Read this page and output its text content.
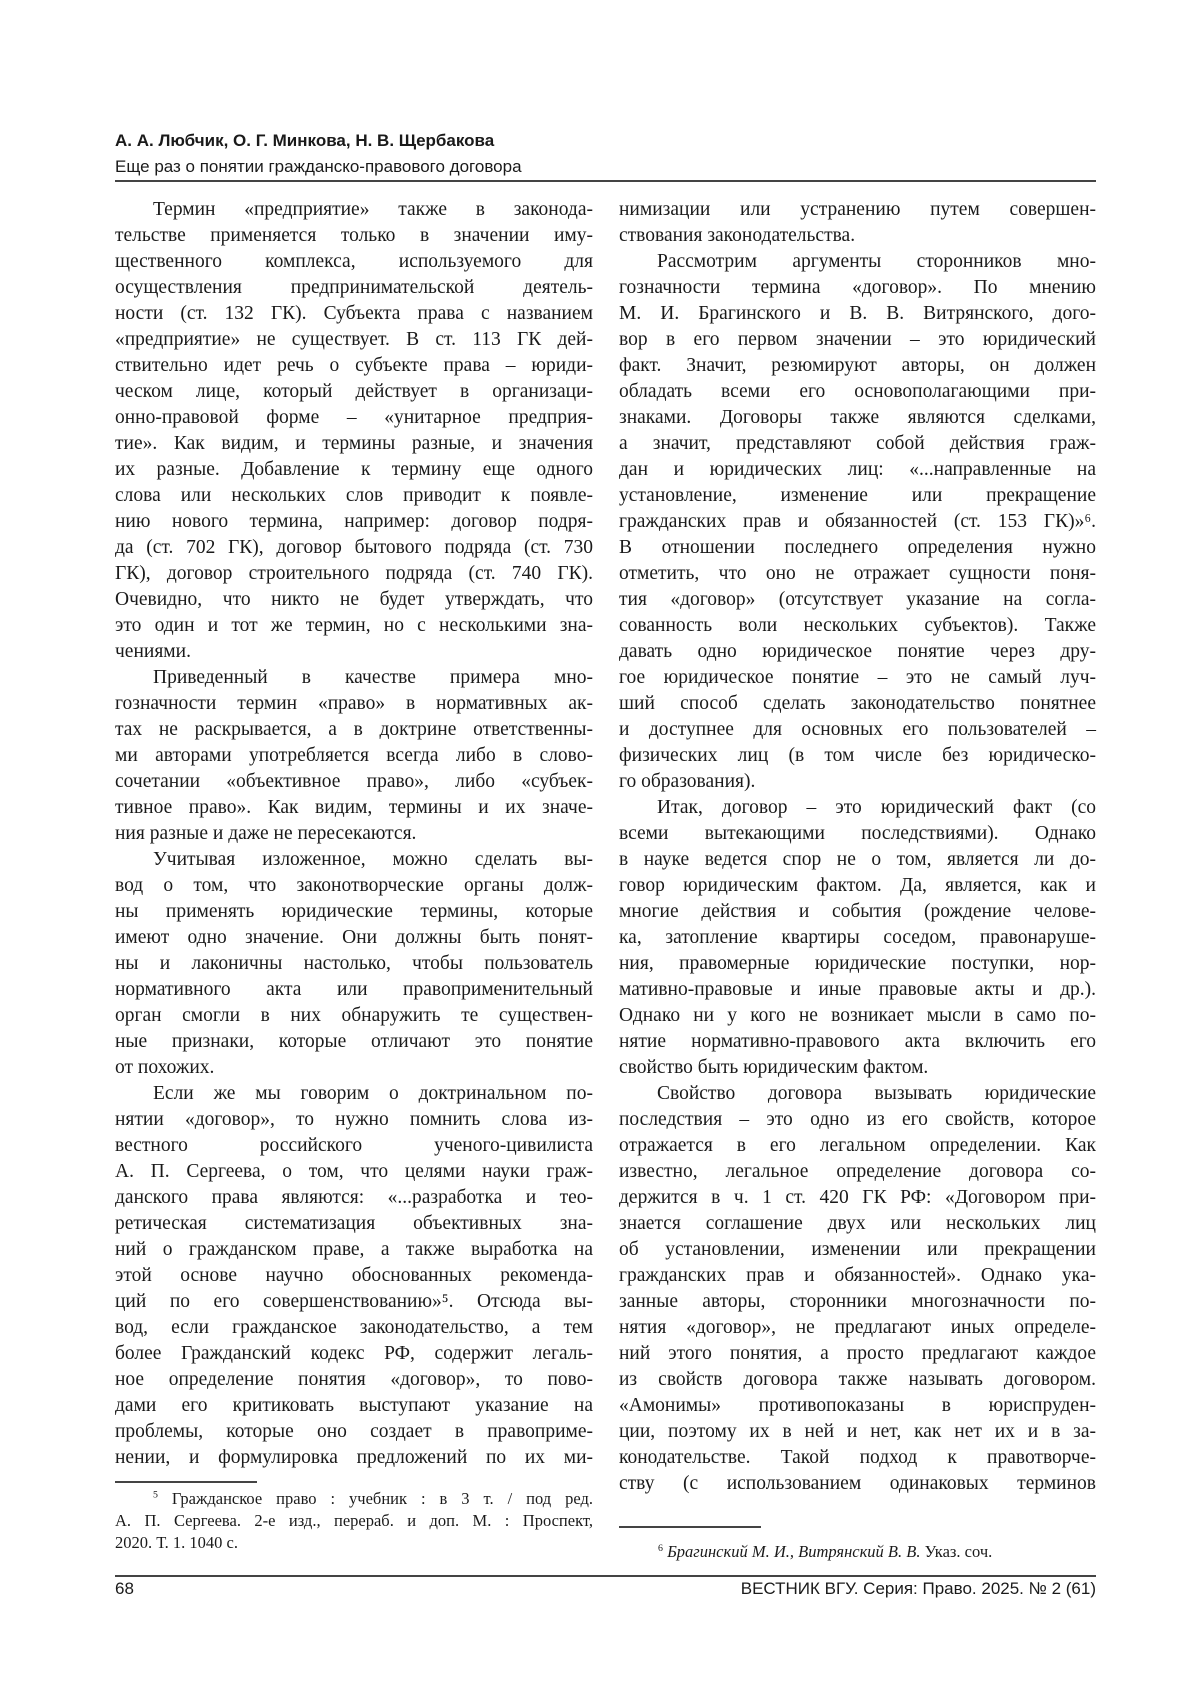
А. А. Любчик, О. Г. Минкова, Н. В. Щербакова
Еще раз о понятии гражданско-правового договора
Термин «предприятие» также в законода-
тельстве применяется только в значении иму-
щественного комплекса, используемого для
осуществления предпринимательской деятель-
ности (ст. 132 ГК). Субъекта права с названием
«предприятие» не существует. В ст. 113 ГК дей-
ствительно идет речь о субъекте права – юриди-
ческом лице, который действует в организаци-
онно-правовой форме – «унитарное предприя-
тие». Как видим, и термины разные, и значения
их разные. Добавление к термину еще одного
слова или нескольких слов приводит к появле-
нию нового термина, например: договор подря-
да (ст. 702 ГК), договор бытового подряда (ст. 730
ГК), договор строительного подряда (ст. 740 ГК).
Очевидно, что никто не будет утверждать, что
это один и тот же термин, но с несколькими зна-
чениями.
Приведенный в качестве примера мно-
гозначности термин «право» в нормативных ак-
тах не раскрывается, а в доктрине ответственны-
ми авторами употребляется всегда либо в слово-
сочетании «объективное право», либо «субъек-
тивное право». Как видим, термины и их значе-
ния разные и даже не пересекаются.
Учитывая изложенное, можно сделать вы-
вод о том, что законотворческие органы долж-
ны применять юридические термины, которые
имеют одно значение. Они должны быть понят-
ны и лаконичны настолько, чтобы пользователь
нормативного акта или правоприменительный
орган смогли в них обнаружить те существен-
ные признаки, которые отличают это понятие
от похожих.
Если же мы говорим о доктринальном по-
нятии «договор», то нужно помнить слова из-
вестного российского ученого-цивилиста
А. П. Сергеева, о том, что целями науки граж-
данского права являются: «...разработка и тео-
ретическая систематизация объективных зна-
ний о гражданском праве, а также выработка на
этой основе научно обоснованных рекоменда-
ций по его совершенствованию»⁵. Отсюда вы-
вод, если гражданское законодательство, а тем
более Гражданский кодекс РФ, содержит легаль-
ное определение понятия «договор», то пово-
дами его критиковать выступают указание на
проблемы, которые оно создает в правоприме-
нении, и формулировка предложений по их ми-
нимизации или устранению путем совершен-
ствования законодательства.
Рассмотрим аргументы сторонников мно-
гозначности термина «договор». По мнению
М. И. Брагинского и В. В. Витрянского, дого-
вор в его первом значении – это юридический
факт. Значит, резюмируют авторы, он должен
обладать всеми его основополагающими при-
знаками. Договоры также являются сделками,
а значит, представляют собой действия граж-
дан и юридических лиц: «...направленные на
установление, изменение или прекращение
гражданских прав и обязанностей (ст. 153 ГК)»⁶.
В отношении последнего определения нужно
отметить, что оно не отражает сущности поня-
тия «договор» (отсутствует указание на согла-
сованность воли нескольких субъектов). Также
давать одно юридическое понятие через дру-
гое юридическое понятие – это не самый луч-
ший способ сделать законодательство понятнее
и доступнее для основных его пользователей –
физических лиц (в том числе без юридическо-
го образования).
Итак, договор – это юридический факт (со
всеми вытекающими последствиями). Однако
в науке ведется спор не о том, является ли до-
говор юридическим фактом. Да, является, как и
многие действия и события (рождение челове-
ка, затопление квартиры соседом, правонаруше-
ния, правомерные юридические поступки, нор-
мативно-правовые и иные правовые акты и др.).
Однако ни у кого не возникает мысли в само по-
нятие нормативно-правового акта включить его
свойство быть юридическим фактом.
Свойство договора вызывать юридические
последствия – это одно из его свойств, которое
отражается в его легальном определении. Как
известно, легальное определение договора со-
держится в ч. 1 ст. 420 ГК РФ: «Договором при-
знается соглашение двух или нескольких лиц
об установлении, изменении или прекращении
гражданских прав и обязанностей». Однако ука-
занные авторы, сторонники многозначности по-
нятия «договор», не предлагают иных определе-
ний этого понятия, а просто предлагают каждое
из свойств договора также называть договором.
«Амонимы» противопоказаны в юриспруден-
ции, поэтому их в ней и нет, как нет их и в за-
конодательстве. Такой подход к правотворче-
ству (с использованием одинаковых терминов
6 Брагинский М. И., Витрянский В. В. Указ. соч.
68	ВЕСТНИК ВГУ. Серия: Право. 2025. № 2 (61)
5 Гражданское право : учебник : в 3 т. / под ред.
А. П. Сергеева. 2-е изд., перераб. и доп. М. : Проспект,
2020. Т. 1. 1040 с.
